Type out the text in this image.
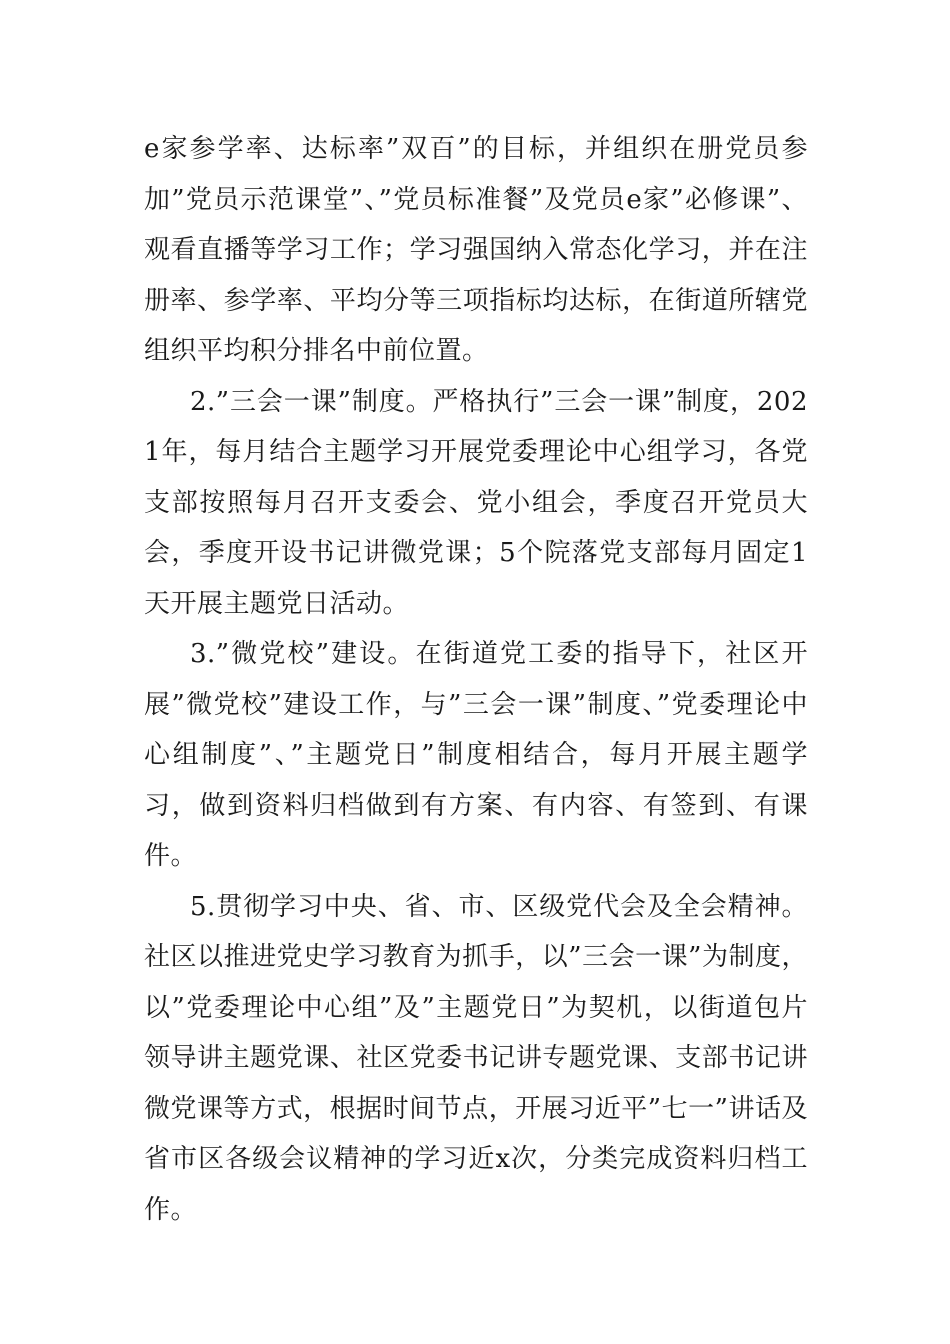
e家参学率、达标率”双百”的目标，并组织在册党员参加”党员示范课堂”、”党员标准餐”及党员e家”必修课”、观看直播等学习工作；学习强国纳入常态化学习，并在注册率、参学率、平均分等三项指标均达标，在街道所辖党组织平均积分排名中前位置。

2.”三会一课”制度。严格执行”三会一课”制度，2021年，每月结合主题学习开展党委理论中心组学习，各党支部按照每月召开支委会、党小组会，季度召开党员大会，季度开设书记讲微党课；5个院落党支部每月固定1天开展主题党日活动。

3.”微党校”建设。在街道党工委的指导下，社区开展”微党校”建设工作，与”三会一课”制度、”党委理论中心组制度”、”主题党日”制度相结合，每月开展主题学习，做到资料归档做到有方案、有内容、有签到、有课件。

5.贯彻学习中央、省、市、区级党代会及全会精神。社区以推进党史学习教育为抓手，以”三会一课”为制度，以”党委理论中心组”及”主题党日”为契机，以街道包片领导讲主题党课、社区党委书记讲专题党课、支部书记讲微党课等方式，根据时间节点，开展习近平”七一”讲话及省市区各级会议精神的学习近x次，分类完成资料归档工作。
